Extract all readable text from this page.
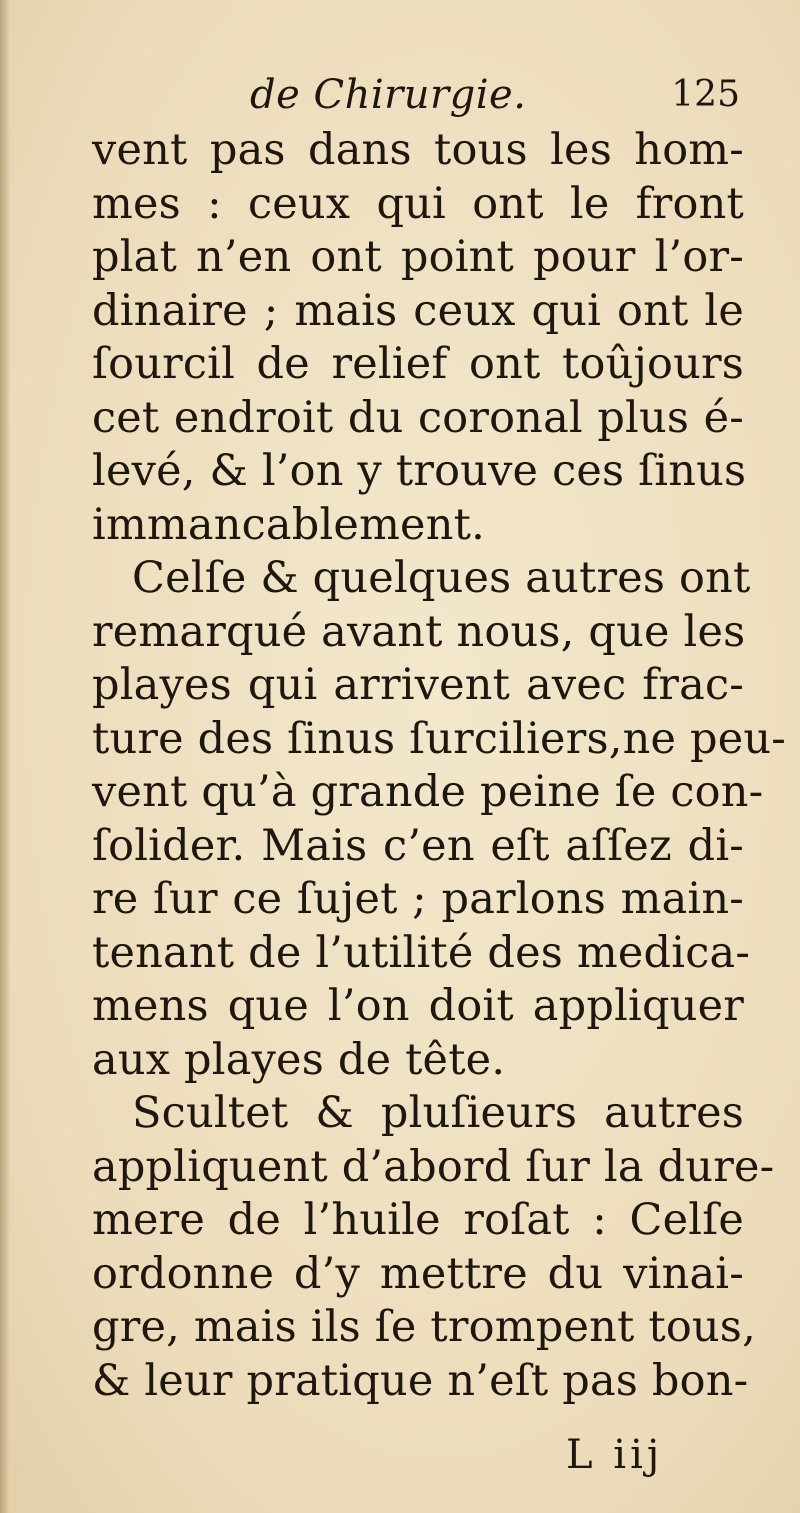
de Chirurgie.	125
vent pas dans tous les hom-
mes : ceux qui ont le front
plat n’en ont point pour l’or-
dinaire ; mais ceux qui ont le
ſourcil de relief ont toûjours
cet endroit du coronal plus é-
levé, & l’on y trouve ces ſinus
immancablement.
Celſe & quelques autres ont
remarqué avant nous, que les
playes qui arrivent avec frac-
ture des ſinus ſurciliers,ne peu-
vent qu’à grande peine ſe con-
ſolider. Mais c’en eſt aſſez di-
re ſur ce ſujet ; parlons main-
tenant de l’utilité des medica-
mens que l’on doit appliquer
aux playes de tête.
Scultet & pluſieurs autres
appliquent d’abord ſur la dure-
mere de l’huile roſat : Celſe
ordonne d’y mettre du vinai-
gre, mais ils ſe trompent tous,
& leur pratique n’eſt pas bon-
L iij
